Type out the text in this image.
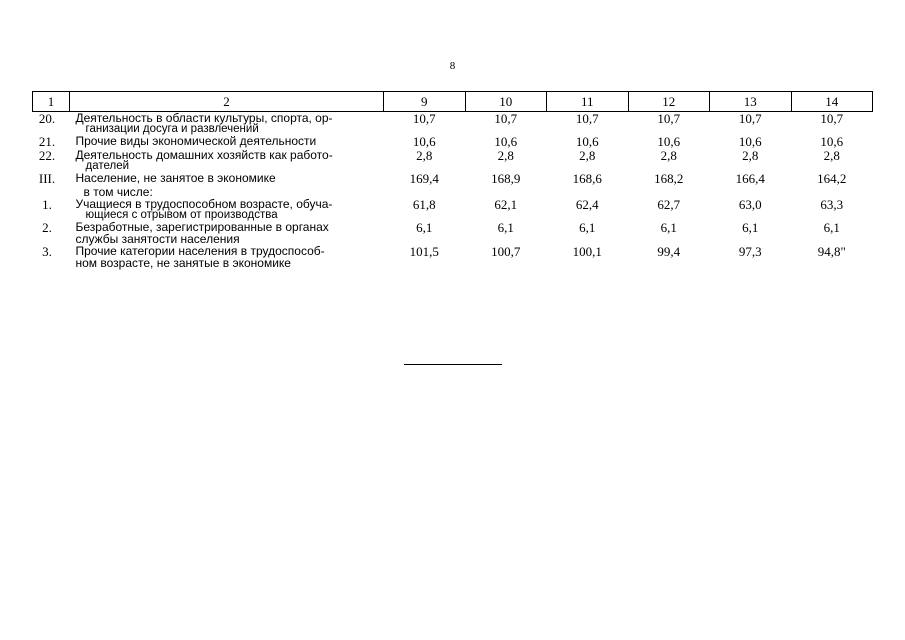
8
1	2	9	10	11	12	13	14
20.	Деятельность в области культуры, спорта, ор-
ганизации досуга и развлечений	10,7	10,7	10,7	10,7	10,7	10,7
21.	Прочие виды экономической деятельности	10,6	10,6	10,6	10,6	10,6	10,6
22.	Деятельность домашних хозяйств как работо-
дателей	2,8	2,8	2,8	2,8	2,8	2,8
III.	Население, не занятое в экономике	169,4	168,9	168,6	168,2	166,4	164,2

	в том числе:						

1.	Учащиеся в трудоспособном возрасте, обуча-
ющиеся с отрывом от производства	61,8	62,1	62,4	62,7	63,0	63,3
2.	Безработные, зарегистрированные в органах
службы занятости населения	6,1	6,1	6,1	6,1	6,1	6,1
3.	Прочие категории населения в трудоспособ-
ном возрасте, не занятые в экономике	101,5	100,7	100,1	99,4	97,3	94,8"
